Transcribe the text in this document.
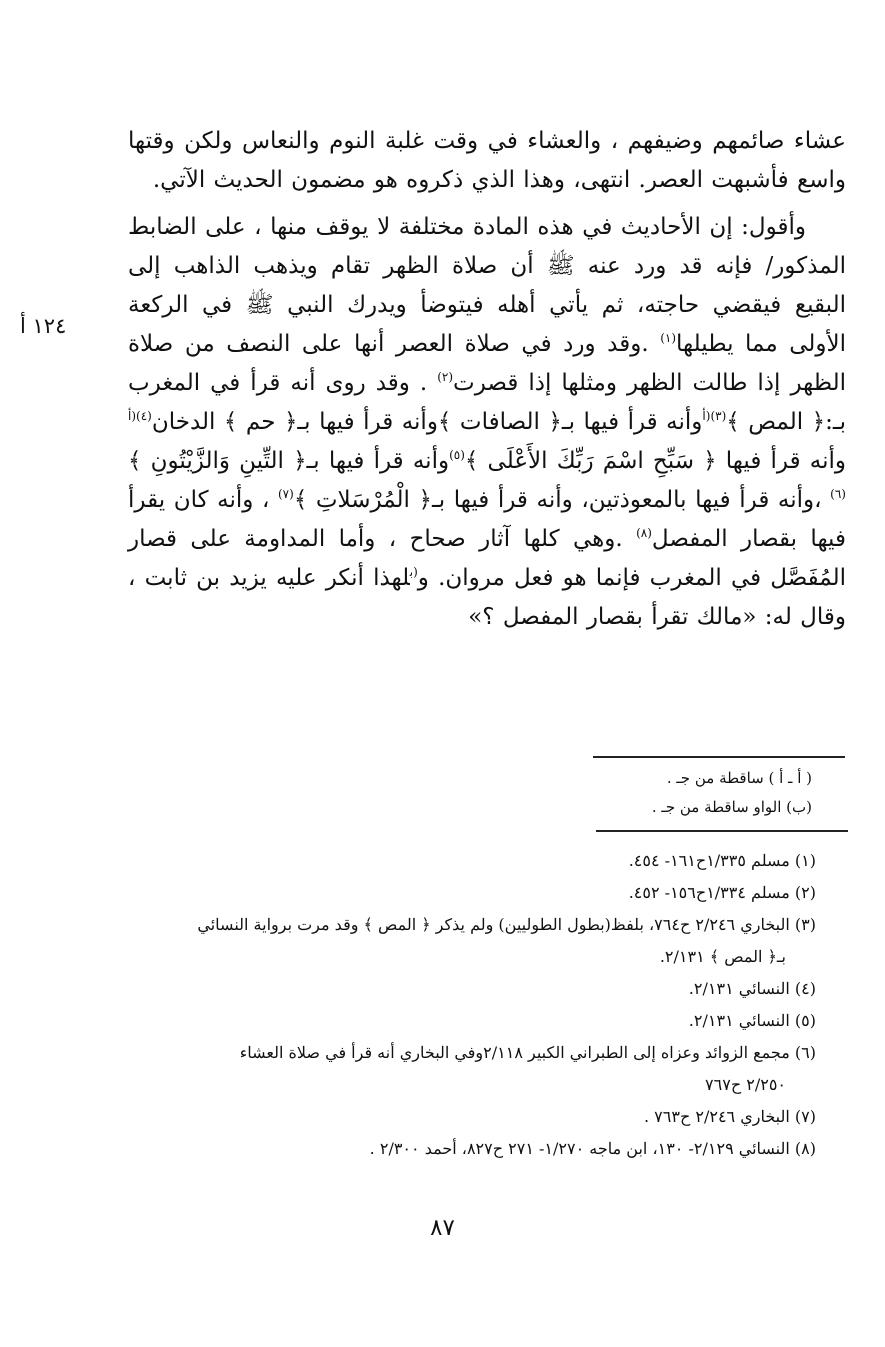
١٢٤ أ

عشاء صائمهم وضيفهم ، والعشاء في وقت غلبة النوم والنعاس ولكن وقتها واسع فأشبهت العصر. انتهى، وهذا الذي ذكروه هو مضمون الحديث الآتي.

وأقول: إن الأحاديث في هذه المادة مختلفة لا يوقف منها ، على الضابط المذكور/ فإنه قد ورد عنه ﷺ أن صلاة الظهر تقام ويذهب الذاهب إلى البقيع فيقضي حاجته، ثم يأتي أهله فيتوضأ ويدرك النبي ﷺ في الركعة الأولى مما يطيلها$^{(١)}$ .وقد ورد في صلاة العصر أنها على النصف من صلاة الظهر إذا طالت الظهر ومثلها إذا قصرت$^{(٢)}$ . وقد روى أنه قرأ في المغرب بـ:﴿ المص ﴾$^{(٣)(أ}$وأنه قرأ فيها بـ﴿ الصافات ﴾وأنه قرأ فيها بـ﴿ حم ﴾ الدخان$^{(٤)(أ}$ وأنه قرأ فيها ﴿ سَبِّحِ اسْمَ رَبِّكَ الأَعْلَى ﴾$^{(٥)}$وأنه قرأ فيها بـ﴿ التِّينِ وَالزَّيْتُونِ ﴾$^{(٦)}$ ،وأنه قرأ فيها بالمعوذتين، وأنه قرأ فيها بـ﴿ الْمُرْسَلاتِ ﴾$^{(٧)}$ ، وأنه كان يقرأ فيها بقصار المفصل$^{(٨)}$ .وهي كلها آثار صحاح ، وأما المداومة على قصار المُفَصَّل في المغرب فإنما هو فعل مروان. و$^{(ب}$لهذا أنكر عليه يزيد بن ثابت ، وقال له: «مالك تقرأ بقصار المفصل ؟»

( أ ـ أ ) ساقطة من جـ .
(ب) الواو ساقطة من جـ .
(١) مسلم ١/٣٣٥ح١٦١- ٤٥٤.
(٢) مسلم ١/٣٣٤ح١٥٦- ٤٥٢.
(٣) البخاري ٢/٢٤٦ ح٧٦٤، بلفظ(بطول الطوليين) ولم يذكر ﴿ المص ﴾ وقد مرت برواية النسائي
بـ﴿ المص ﴾ ٢/١٣١.
(٤) النسائي ٢/١٣١.
(٥) النسائي ٢/١٣١.
(٦) مجمع الزوائد وعزاه إلى الطبراني الكبير ٢/١١٨وفي البخاري أنه قرأ في صلاة العشاء
٢/٢٥٠ ح٧٦٧
(٧) البخاري ٢/٢٤٦ ح٧٦٣ .
(٨) النسائي ٢/١٢٩- ١٣٠، ابن ماجه ١/٢٧٠- ٢٧١ ح٨٢٧، أحمد ٢/٣٠٠ .
٨٧
